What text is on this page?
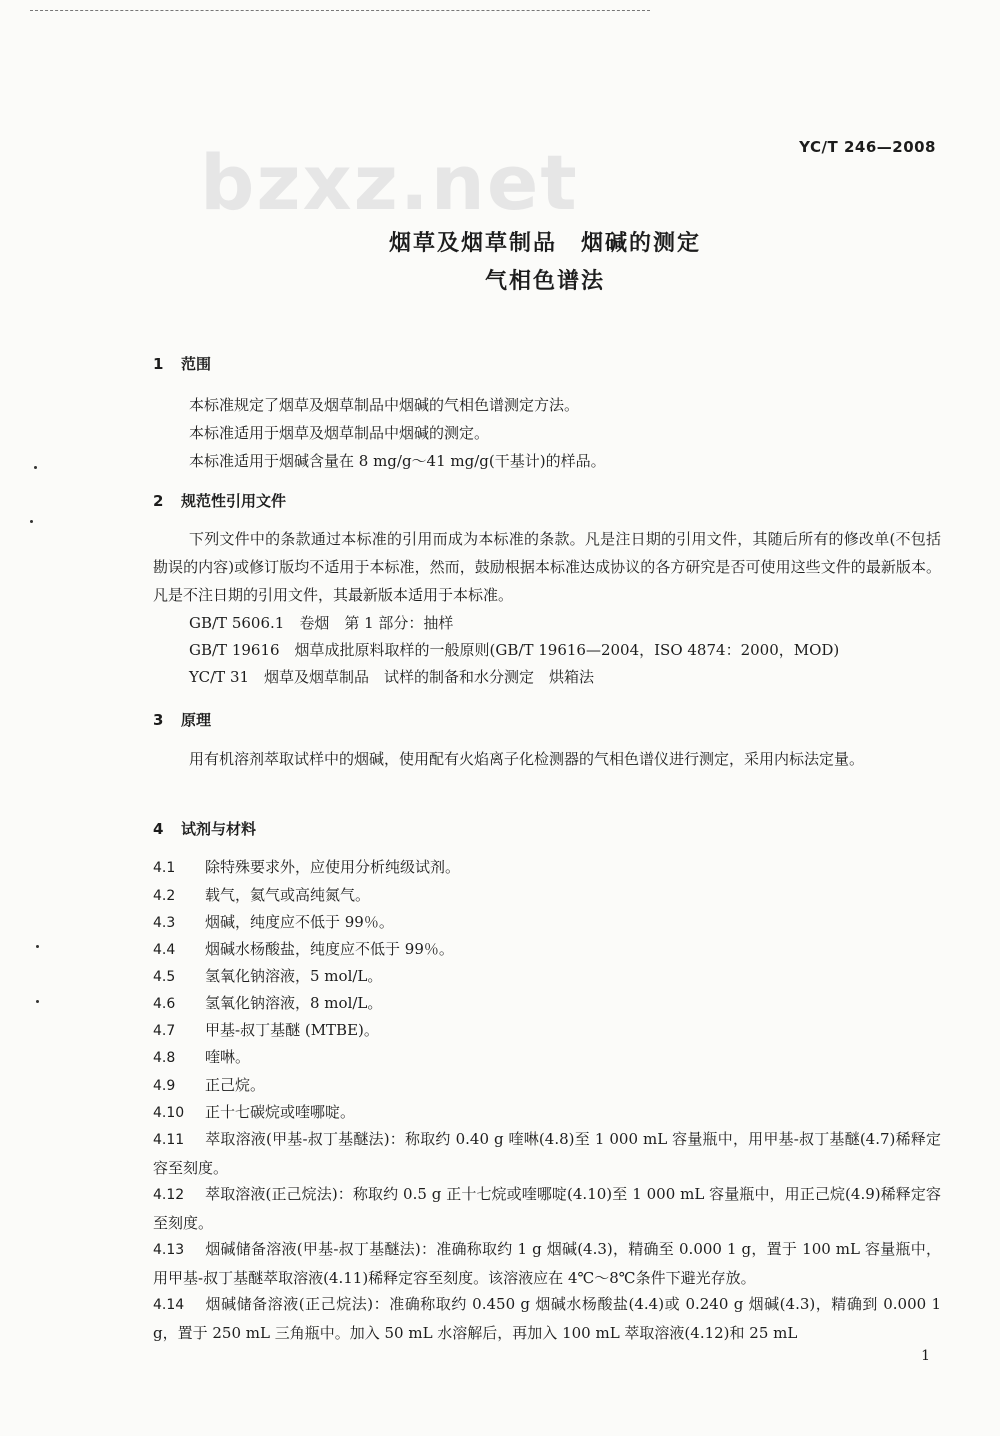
bzxz.net	YC/T 246—2008
烟草及烟草制品　烟碱的测定
气相色谱法
1 范围
本标准规定了烟草及烟草制品中烟碱的气相色谱测定方法。
本标准适用于烟草及烟草制品中烟碱的测定。
本标准适用于烟碱含量在 8 mg/g～41 mg/g(干基计)的样品。
2 规范性引用文件
下列文件中的条款通过本标准的引用而成为本标准的条款。凡是注日期的引用文件，其随后所有的修改单(不包括勘误的内容)或修订版均不适用于本标准，然而，鼓励根据本标准达成协议的各方研究是否可使用这些文件的最新版本。凡是不注日期的引用文件，其最新版本适用于本标准。
GB/T 5606.1　卷烟　第 1 部分：抽样
GB/T 19616　烟草成批原料取样的一般原则(GB/T 19616—2004，ISO 4874：2000，MOD)
YC/T 31　烟草及烟草制品　试样的制备和水分测定　烘箱法
3 原理
用有机溶剂萃取试样中的烟碱，使用配有火焰离子化检测器的气相色谱仪进行测定，采用内标法定量。
4 试剂与材料
4.1 除特殊要求外，应使用分析纯级试剂。
4.2 载气，氦气或高纯氮气。
4.3 烟碱，纯度应不低于 99％。
4.4 烟碱水杨酸盐，纯度应不低于 99％。
4.5 氢氧化钠溶液，5 mol/L。
4.6 氢氧化钠溶液，8 mol/L。
4.7 甲基-叔丁基醚 (MTBE)。
4.8 喹啉。
4.9 正己烷。
4.10 正十七碳烷或喹哪啶。
4.11 萃取溶液(甲基-叔丁基醚法)：称取约 0.40 g 喹啉(4.8)至 1 000 mL 容量瓶中，用甲基-叔丁基醚(4.7)稀释定容至刻度。
4.12 萃取溶液(正己烷法)：称取约 0.5 g 正十七烷或喹哪啶(4.10)至 1 000 mL 容量瓶中，用正己烷(4.9)稀释定容至刻度。
4.13 烟碱储备溶液(甲基-叔丁基醚法)：准确称取约 1 g 烟碱(4.3)，精确至 0.000 1 g，置于 100 mL 容量瓶中，用甲基-叔丁基醚萃取溶液(4.11)稀释定容至刻度。该溶液应在 4℃～8℃条件下避光存放。
4.14 烟碱储备溶液(正己烷法)：准确称取约 0.450 g 烟碱水杨酸盐(4.4)或 0.240 g 烟碱(4.3)，精确到 0.000 1 g，置于 250 mL 三角瓶中。加入 50 mL 水溶解后，再加入 100 mL 萃取溶液(4.12)和 25 mL
1
